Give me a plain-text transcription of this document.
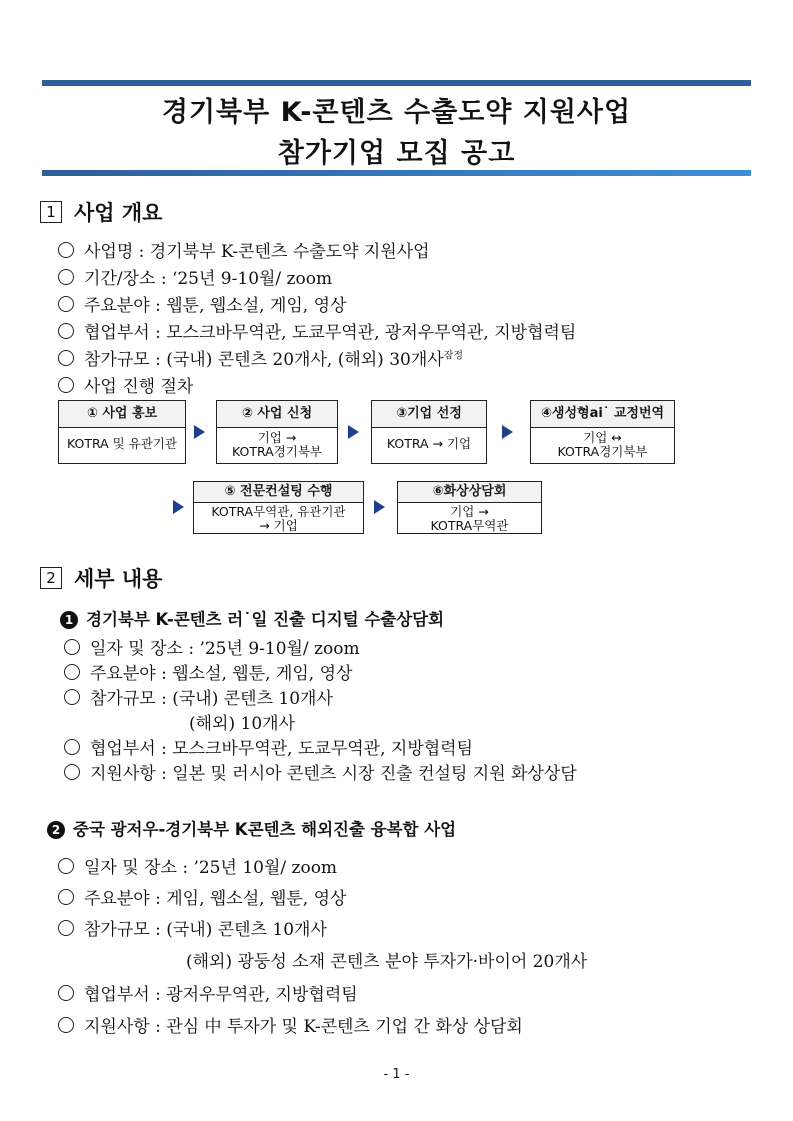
경기북부 K-콘텐츠 수출도약 지원사업
참가기업 모집 공고
1 사업 개요
사업명 : 경기북부 K-콘텐츠 수출도약 지원사업
기간/장소 : ‘25년 9-10월/ zoom
주요분야 : 웹툰, 웹소설, 게임, 영상
협업부서 : 모스크바무역관, 도쿄무역관, 광저우무역관, 지방협력팀
참가규모 : (국내) 콘텐츠 20개사, (해외) 30개사$^{잠정}$
사업 진행 절차
① 사업 홍보
KOTRA 및 유관기관
② 사업 신청
기업 →
KOTRA경기북부
③기업 선정
KOTRA → 기업
④생성형ai˙ 교정번역
기업 ↔
KOTRA경기북부
⑤ 전문컨설팅 수행
KOTRA무역관, 유관기관
→ 기업
⑥화상상담회
기업 →
KOTRA무역관
2 세부 내용
1 경기북부 K-콘텐츠 러˙일 진출 디지털 수출상담회
일자 및 장소 : ’25년 9-10월/ zoom
주요분야 : 웹소설, 웹툰, 게임, 영상
참가규모 : (국내) 콘텐츠 10개사
(해외) 10개사
협업부서 : 모스크바무역관, 도쿄무역관, 지방협력팀
지원사항 : 일본 및 러시아 콘텐츠 시장 진출 컨설팅 지원 화상상담
2 중국 광저우-경기북부 K콘텐츠 해외진출 융복합 사업
일자 및 장소 : ’25년 10월/ zoom
주요분야 : 게임, 웹소설, 웹툰, 영상
참가규모 : (국내) 콘텐츠 10개사
(해외) 광둥성 소재 콘텐츠 분야 투자가·바이어 20개사
협업부서 : 광저우무역관, 지방협력팀
지원사항 : 관심 中 투자가 및 K-콘텐츠 기업 간 화상 상담회
- 1 -
